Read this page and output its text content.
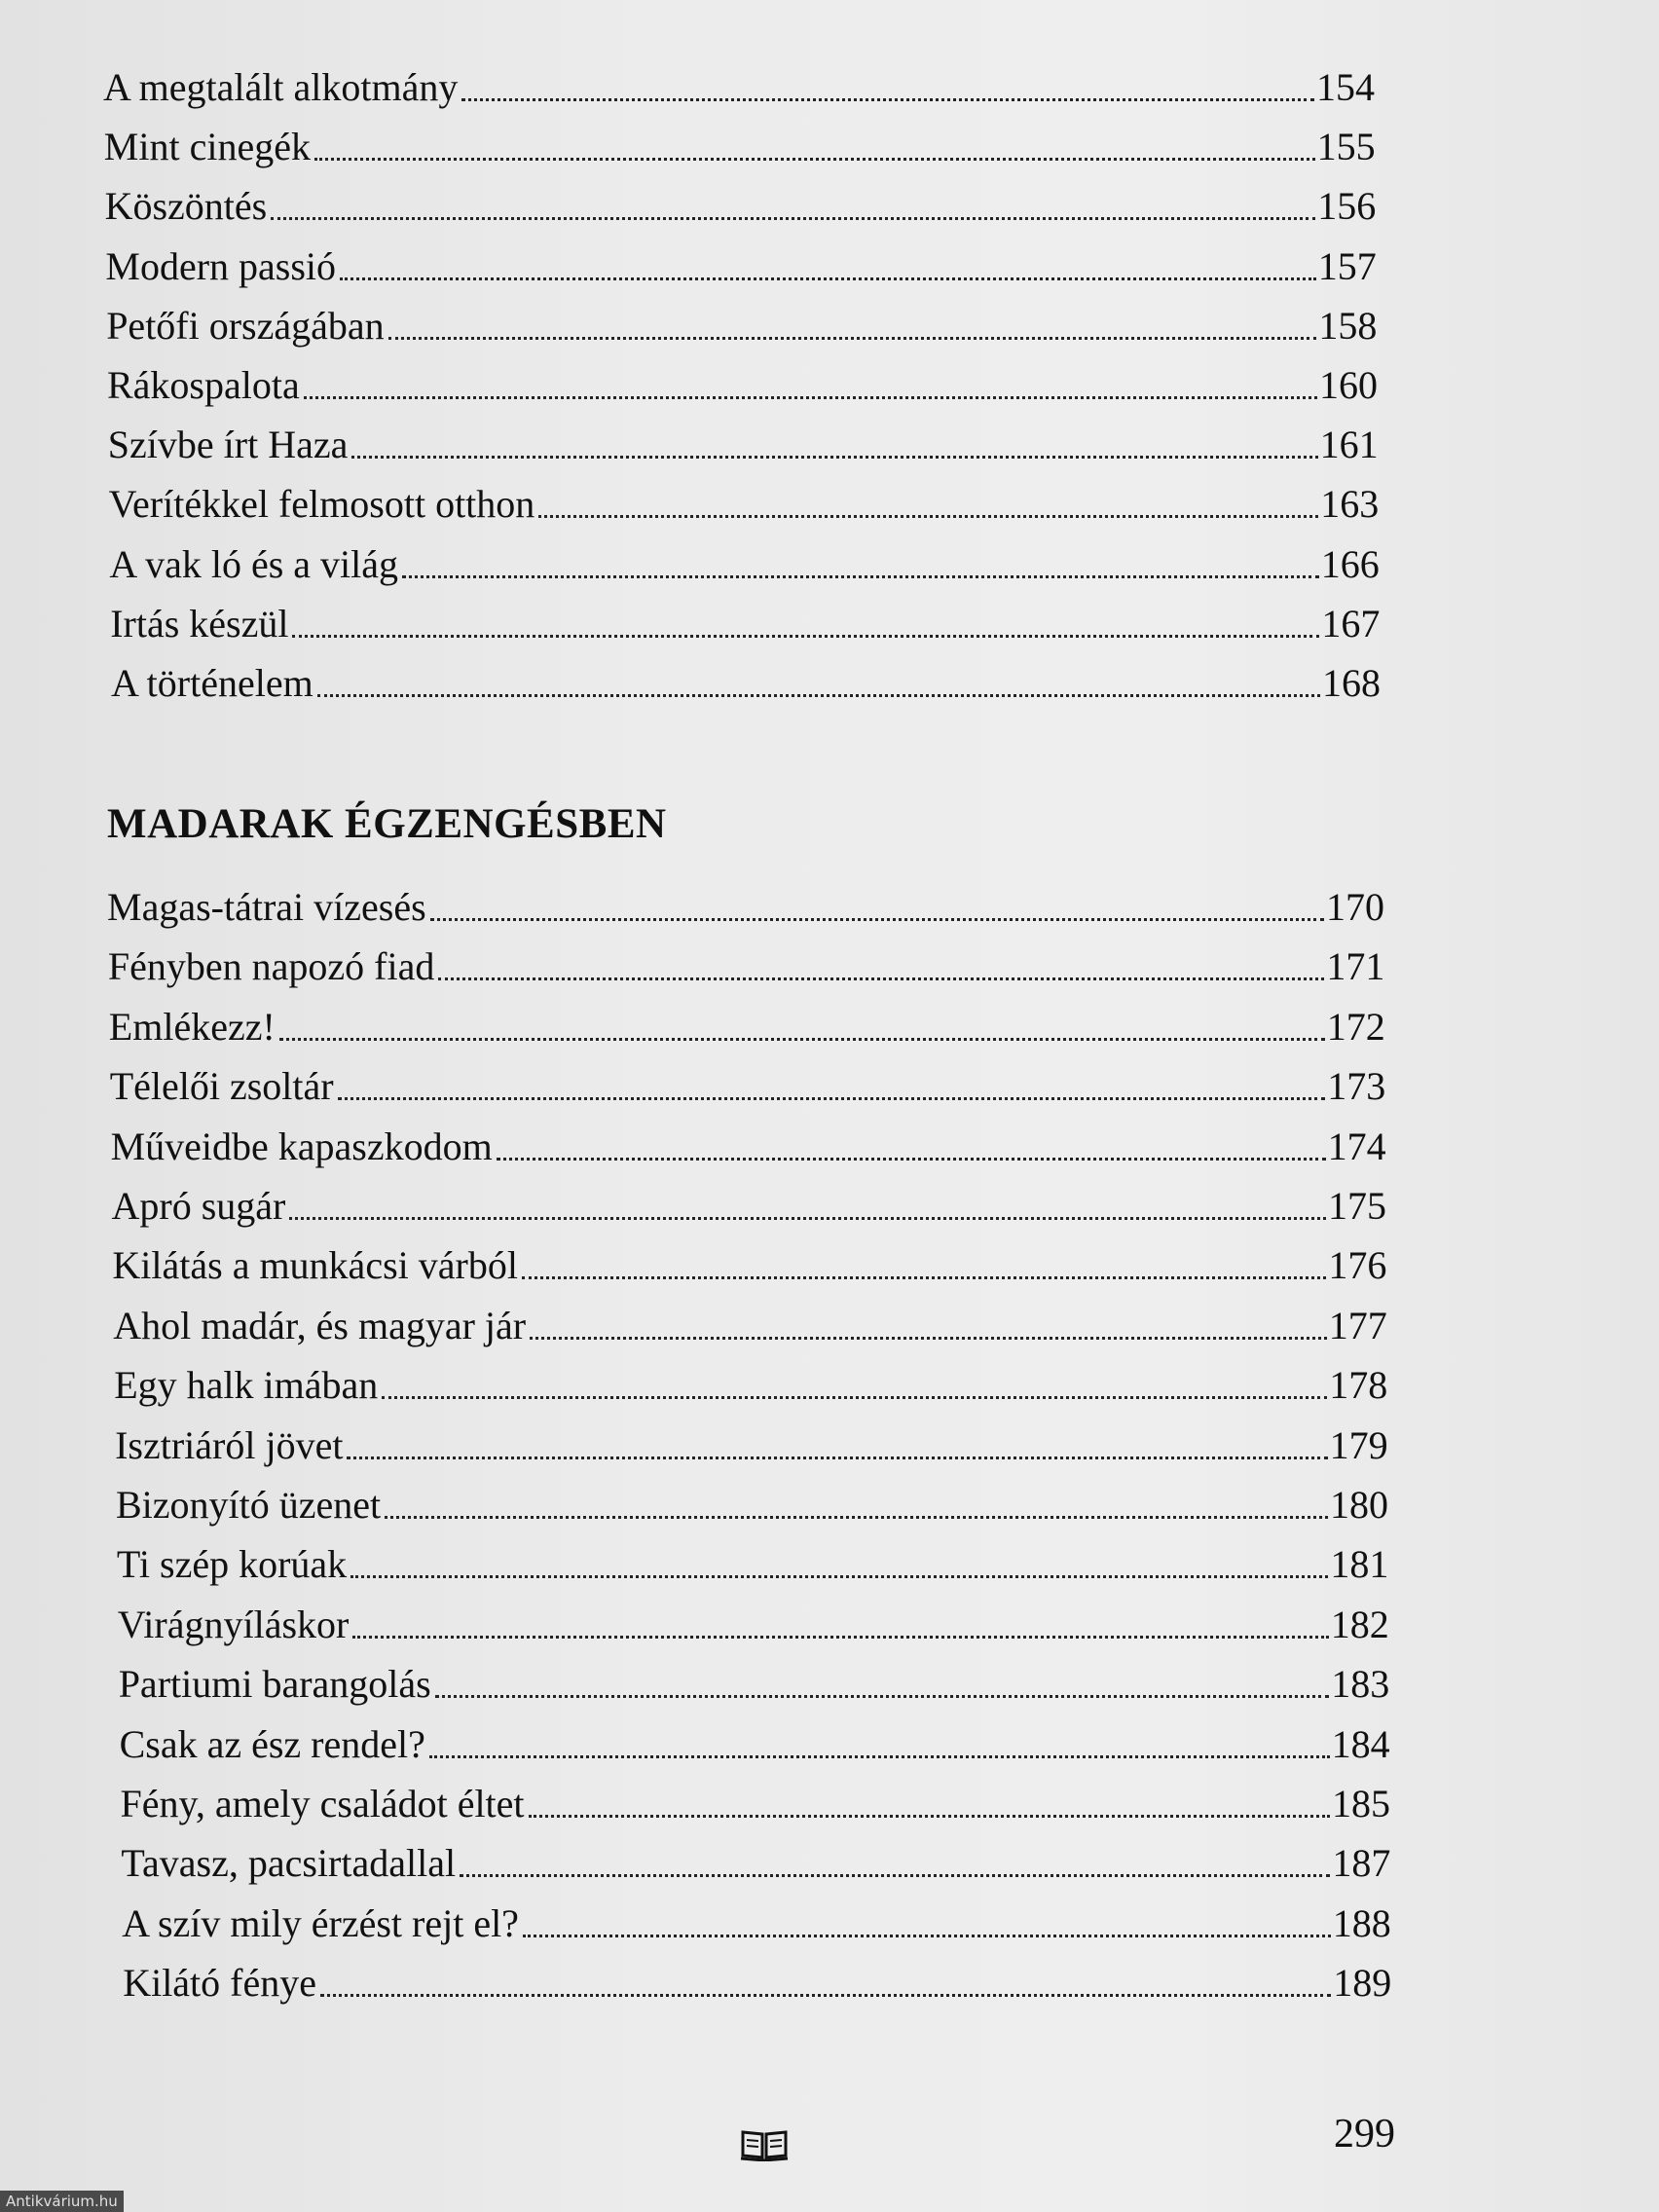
A megtalált alkotmány	154
Mint cinegék	155
Köszöntés	156
Modern passió	157
Petőfi országában	158
Rákospalota	160
Szívbe írt Haza	161
Verítékkel felmosott otthon	163
A vak ló és a világ	166
Irtás készül	167
A történelem	168
Magas-tátrai vízesés	170
Fényben napozó fiad	171
Emlékezz!	172
Télelői zsoltár	173
Műveidbe kapaszkodom	174
Apró sugár	175
Kilátás a munkácsi várból	176
Ahol madár, és magyar jár	177
Egy halk imában	178
Isztriáról jövet	179
Bizonyító üzenet	180
Ti szép korúak	181
Virágnyíláskor	182
Partiumi barangolás	183
Csak az ész rendel?	184
Fény, amely családot éltet	185
Tavasz, pacsirtadallal	187
A szív mily érzést rejt el?	188
Kilátó fénye	189
MADARAK ÉGZENGÉSBEN
299
Antikvárium.hu
